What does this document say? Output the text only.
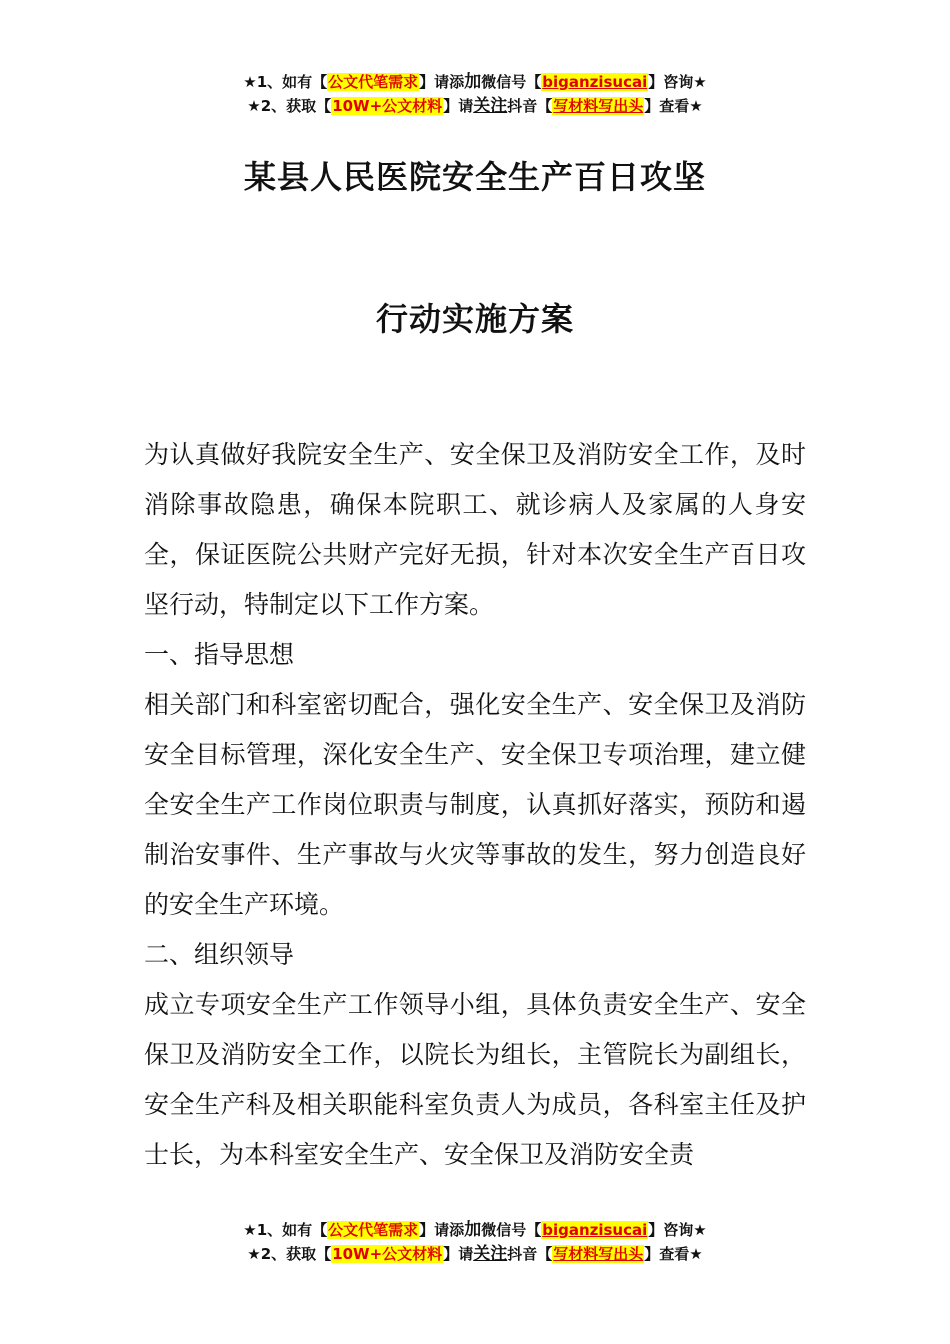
★1、如有【公文代笔需求】请添加微信号【biganzisucai】咨询★
★2、获取【10W+公文材料】请关注抖音【写材料写出头】查看★
某县人民医院安全生产百日攻坚
行动实施方案

为认真做好我院安全生产、安全保卫及消防安全工作，及时消除事故隐患，确保本院职工、就诊病人及家属的人身安全，保证医院公共财产完好无损，针对本次安全生产百日攻坚行动，特制定以下工作方案。

一、指导思想

相关部门和科室密切配合，强化安全生产、安全保卫及消防安全目标管理，深化安全生产、安全保卫专项治理，建立健全安全生产工作岗位职责与制度，认真抓好落实，预防和遏制治安事件、生产事故与火灾等事故的发生，努力创造良好的安全生产环境。

二、组织领导

成立专项安全生产工作领导小组，具体负责安全生产、安全保卫及消防安全工作，以院长为组长，主管院长为副组长，安全生产科及相关职能科室负责人为成员，各科室主任及护士长，为本科室安全生产、安全保卫及消防安全责

★1、如有【公文代笔需求】请添加微信号【biganzisucai】咨询★
★2、获取【10W+公文材料】请关注抖音【写材料写出头】查看★
